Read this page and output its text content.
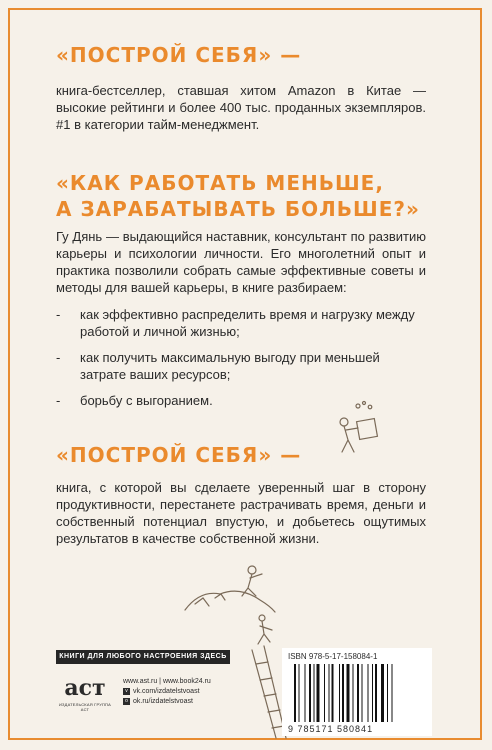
«ПОСТРОЙ СЕБЯ» —
книга-бестселлер, ставшая хитом Amazon в Китае — высокие рейтинги и более 400 тыс. проданных экземпляров. #1 в категории тайм-менеджмент.
«КАК РАБОТАТЬ МЕНЬШЕ,
А ЗАРАБАТЫВАТЬ БОЛЬШЕ?»
Гу Дянь — выдающийся наставник, консультант по развитию карьеры и психологии личности. Его многолетний опыт и практика позволили собрать самые эффективные советы и методы для вашей карьеры, в книге разбираем:
- как эффективно распределить время и нагрузку между работой и личной жизнью;
- как получить максимальную выгоду при меньшей затрате ваших ресурсов;
- борьбу с выгоранием.
«ПОСТРОЙ СЕБЯ» —
книга, с которой вы сделаете уверенный шаг в сторону продуктивности, перестанете растрачивать время, деньги и собственный потенциал впустую, и добьетесь ощутимых результатов в качестве собственной жизни.
КНИГИ ДЛЯ ЛЮБОГО НАСТРОЕНИЯ ЗДЕСЬ
аст
ИЗДАТЕЛЬСКАЯ ГРУППА АСТ
www.ast.ru | www.book24.ru
v vk.com/izdatelstvoast
o ok.ru/izdatelstvoast
ISBN 978-5-17-158084-1
9 785171 580841
